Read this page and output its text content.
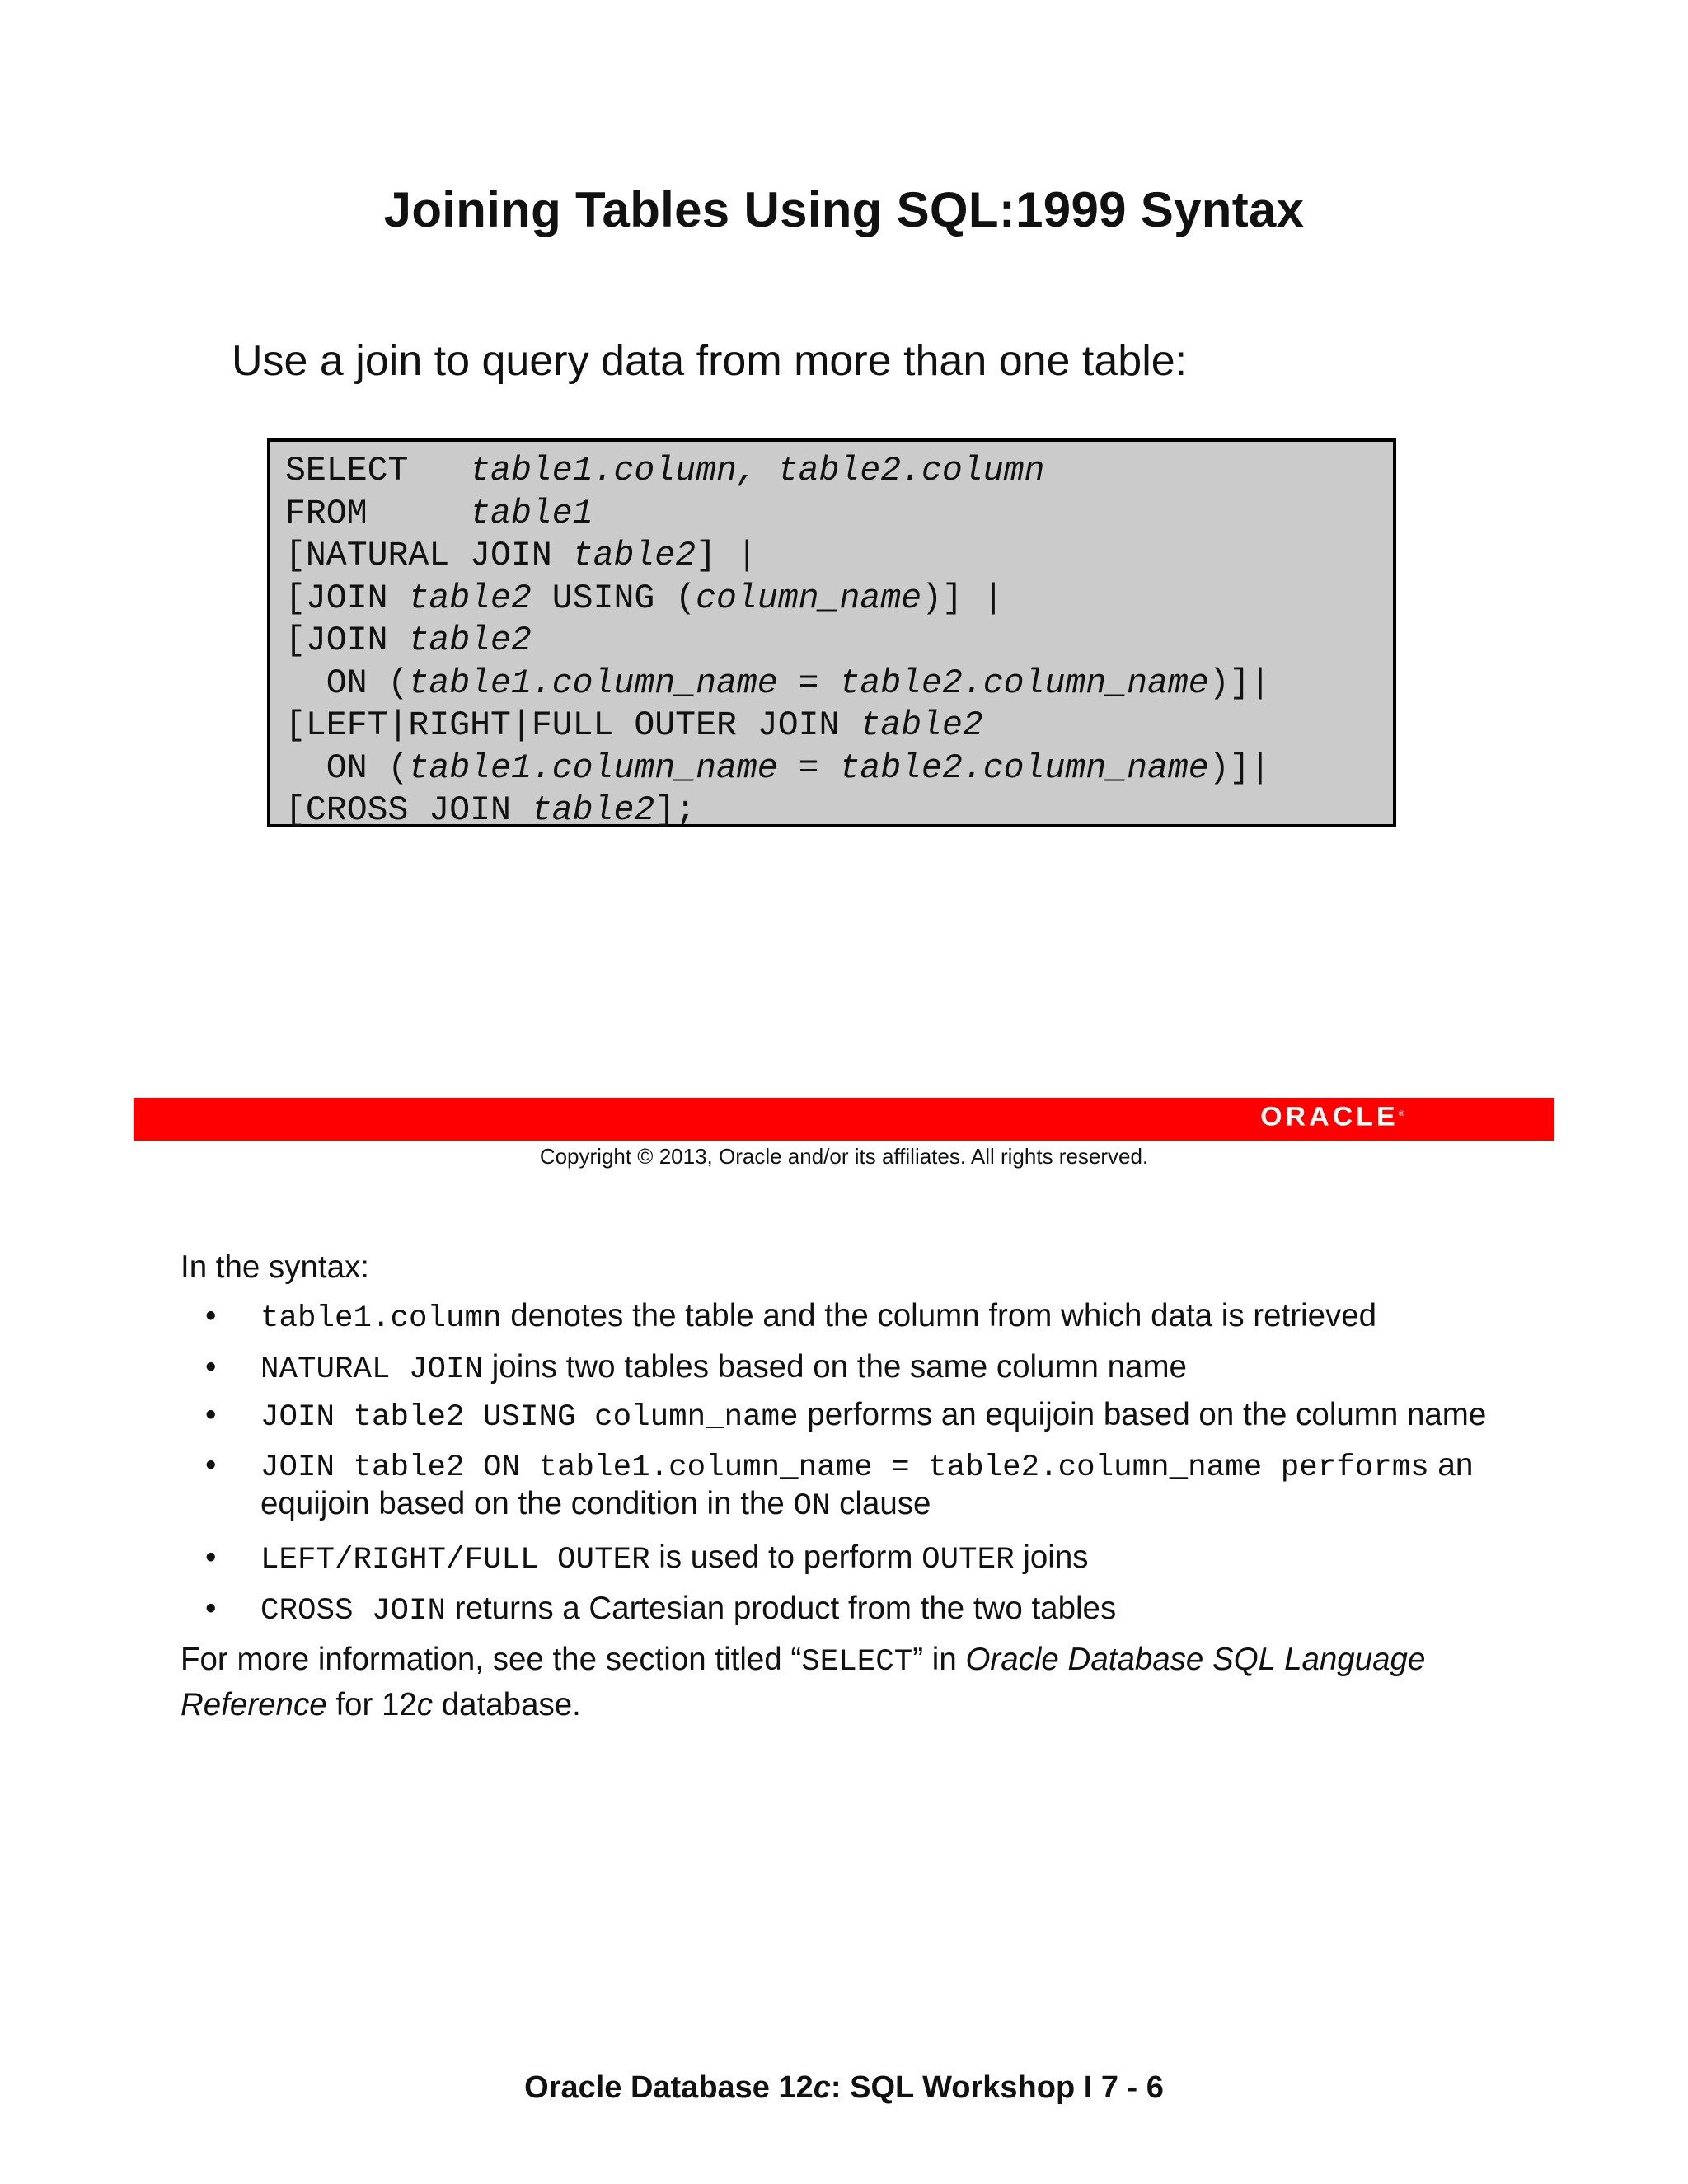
Joining Tables Using SQL:1999 Syntax

Use a join to query data from more than one table:

SELECT   table1.column, table2.column
FROM     table1
[NATURAL JOIN table2] |
[JOIN table2 USING (column_name)] |
[JOIN table2
ON (table1.column_name = table2.column_name)]|
[LEFT|RIGHT|FULL OUTER JOIN table2
ON (table1.column_name = table2.column_name)]|
[CROSS JOIN table2];
ORACLE®
Copyright © 2013, Oracle and/or its affiliates. All rights reserved.

In the syntax:

• table1.column denotes the table and the column from which data is retrieved
• NATURAL JOIN joins two tables based on the same column name
• JOIN table2 USING column_name performs an equijoin based on the column name
• JOIN table2 ON table1.column_name = table2.column_name performs an equijoin based on the condition in the ON clause
• LEFT/RIGHT/FULL OUTER is used to perform OUTER joins
• CROSS JOIN returns a Cartesian product from the two tables

For more information, see the section titled “SELECT” in Oracle Database SQL Language Reference for 12c database.

Oracle Database 12c: SQL Workshop I 7 - 6
